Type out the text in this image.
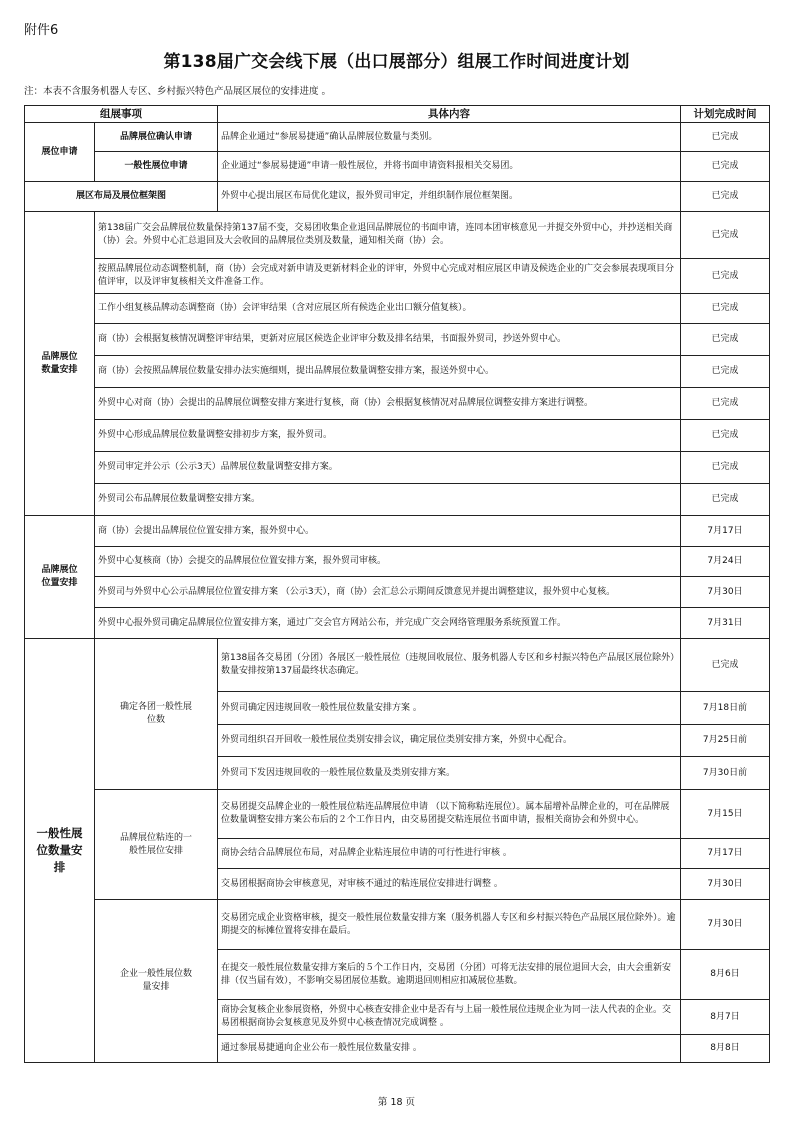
附件6
第138届广交会线下展（出口展部分）组展工作时间进度计划
注：本表不含服务机器人专区、乡村振兴特色产品展区展位的安排进度 。
组展事项		具体内容	计划完成时间
展位申请	品牌展位确认申请	品牌企业通过“参展易捷通”确认品牌展位数量与类别。	已完成
	一般性展位申请	企业通过“参展易捷通”申请一般性展位，并将书面申请资料报相关交易团。	已完成
展区布局及展位框架图		外贸中心提出展区布局优化建议，报外贸司审定，并组织制作展位框架图。	已完成
品牌展位
数量安排	第138届广交会品牌展位数量保持第137届不变，交易团收集企业退回品牌展位的书面申请，连同本团审核意见一并提交外贸中心，并抄送相关商（协）会。外贸中心汇总退回及大会收回的品牌展位类别及数量，通知相关商（协）会。		已完成
	按照品牌展位动态调整机制，商（协）会完成对新申请及更新材料企业的评审，外贸中心完成对相应展区申请及候选企业的广交会参展表现项目分值评审，以及评审复核相关文件准备工作。		已完成
	工作小组复核品牌动态调整商（协）会评审结果（含对应展区所有候选企业出口额分值复核）。		已完成
	商（协）会根据复核情况调整评审结果，更新对应展区候选企业评审分数及排名结果，书面报外贸司，抄送外贸中心。		已完成
	商（协）会按照品牌展位数量安排办法实施细则，提出品牌展位数量调整安排方案，报送外贸中心。		已完成
	外贸中心对商（协）会提出的品牌展位调整安排方案进行复核，商（协）会根据复核情况对品牌展位调整安排方案进行调整。		已完成
	外贸中心形成品牌展位数量调整安排初步方案，报外贸司。		已完成
	外贸司审定并公示（公示3天）品牌展位数量调整安排方案。		已完成
	外贸司公布品牌展位数量调整安排方案。		已完成
品牌展位
位置安排	商（协）会提出品牌展位位置安排方案，报外贸中心。		7月17日
	外贸中心复核商（协）会提交的品牌展位位置安排方案，报外贸司审核。		7月24日
	外贸司与外贸中心公示品牌展位位置安排方案 （公示3天），商（协）会汇总公示期间反馈意见并提出调整建议，报外贸中心复核。		7月30日
	外贸中心报外贸司确定品牌展位位置安排方案，通过广交会官方网站公布，并完成广交会网络管理服务系统预置工作。		7月31日
一般性展
位数量安
排	确定各团一般性展
位数	第138届各交易团（分团）各展区一般性展位（违规回收展位、服务机器人专区和乡村振兴特色产品展区展位除外）数量安排按第137届最终状态确定。	已完成
		外贸司确定因违规回收一般性展位数量安排方案 。	7月18日前
		外贸司组织召开回收一般性展位类别安排会议，确定展位类别安排方案，外贸中心配合。	7月25日前
		外贸司下发因违规回收的一般性展位数量及类别安排方案。	7月30日前
	品牌展位粘连的一
般性展位安排	交易团提交品牌企业的一般性展位粘连品牌展位申请 （以下简称粘连展位）。属本届增补品牌企业的，可在品牌展位数量调整安排方案公布后的２个工作日内，由交易团提交粘连展位书面申请，报相关商协会和外贸中心。	7月15日
		商协会结合品牌展位布局，对品牌企业粘连展位申请的可行性进行审核 。	7月17日
		交易团根据商协会审核意见，对审核不通过的粘连展位安排进行调整 。	7月30日
	企业一般性展位数
量安排	交易团完成企业资格审核，提交一般性展位数量安排方案（服务机器人专区和乡村振兴特色产品展区展位除外）。逾期提交的标摊位置将安排在最后。	7月30日
		在提交一般性展位数量安排方案后的５个工作日内，交易团（分团）可将无法安排的展位退回大会，由大会重新安排（仅当届有效），不影响交易团展位基数。逾期退回则相应扣减展位基数。	8月6日
		商协会复核企业参展资格，外贸中心核查安排企业中是否有与上届一般性展位违规企业为同一法人代表的企业。交易团根据商协会复核意见及外贸中心核查情况完成调整 。	8月7日
		通过参展易捷通向企业公布一般性展位数量安排 。	8月8日
第 18 页
